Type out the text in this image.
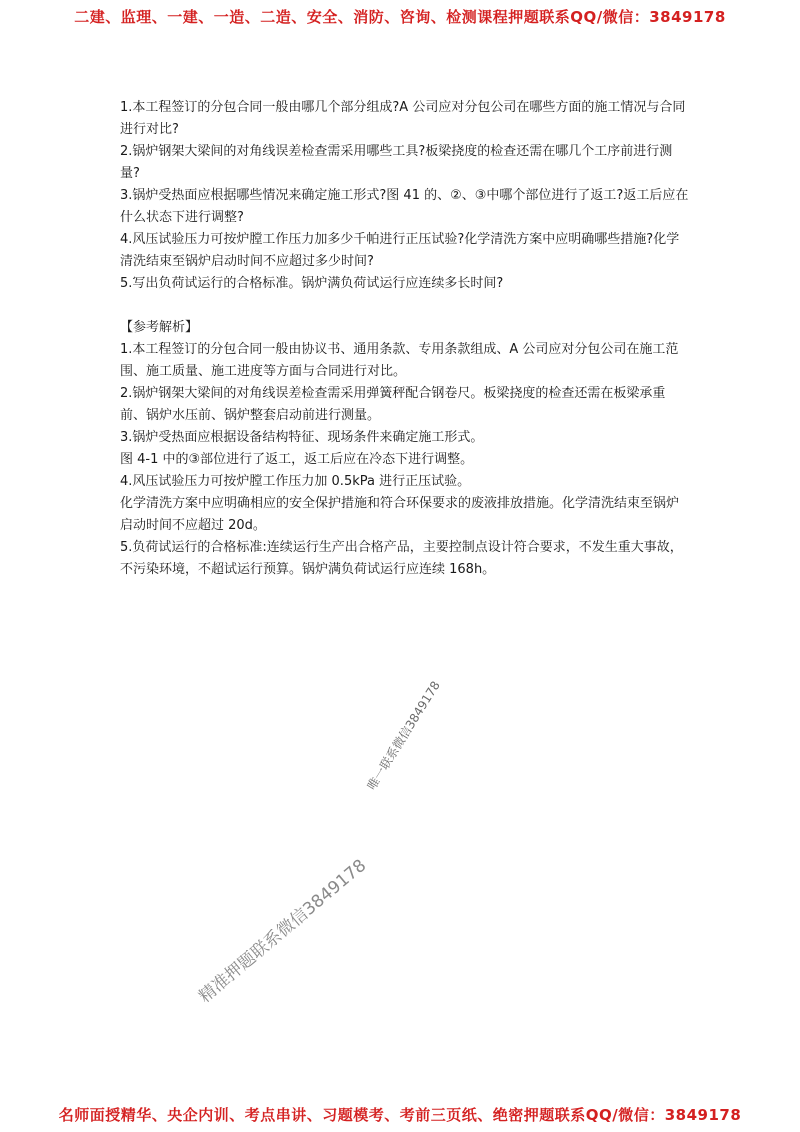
二建、监理、一建、一造、二造、安全、消防、咨询、检测课程押题联系QQ/微信：3849178

1.本工程签订的分包合同一般由哪几个部分组成?A 公司应对分包公司在哪些方面的施工情况与合同进行对比?

2.锅炉钢架大梁间的对角线误差检查需采用哪些工具?板梁挠度的检查还需在哪几个工序前进行测量?

3.锅炉受热面应根据哪些情况来确定施工形式?图 41 的、②、③中哪个部位进行了返工?返工后应在什么状态下进行调整?

4.风压试验压力可按炉膛工作压力加多少千帕进行正压试验?化学清洗方案中应明确哪些措施?化学清洗结束至锅炉启动时间不应超过多少时间?

5.写出负荷试运行的合格标准。锅炉满负荷试运行应连续多长时间?

【参考解析】

1.本工程签订的分包合同一般由协议书、通用条款、专用条款组成、A 公司应对分包公司在施工范围、施工质量、施工进度等方面与合同进行对比。

2.锅炉钢架大梁间的对角线误差检查需采用弹簧秤配合钢卷尺。板梁挠度的检查还需在板梁承重前、锅炉水压前、锅炉整套启动前进行测量。

3.锅炉受热面应根据设备结构特征、现场条件来确定施工形式。

图 4-1 中的③部位进行了返工，返工后应在冷态下进行调整。

4.风压试验压力可按炉膛工作压力加 0.5kPa 进行正压试验。

化学清洗方案中应明确相应的安全保护措施和符合环保要求的废液排放措施。化学清洗结束至锅炉启动时间不应超过 20d。

5.负荷试运行的合格标准:连续运行生产出合格产品，主要控制点设计符合要求，不发生重大事故，不污染环境，不超试运行预算。锅炉满负荷试运行应连续 168h。

唯一联系微信3849178
精准押题联系微信3849178
名师面授精华、央企内训、考点串讲、习题模考、考前三页纸、绝密押题联系QQ/微信：3849178
